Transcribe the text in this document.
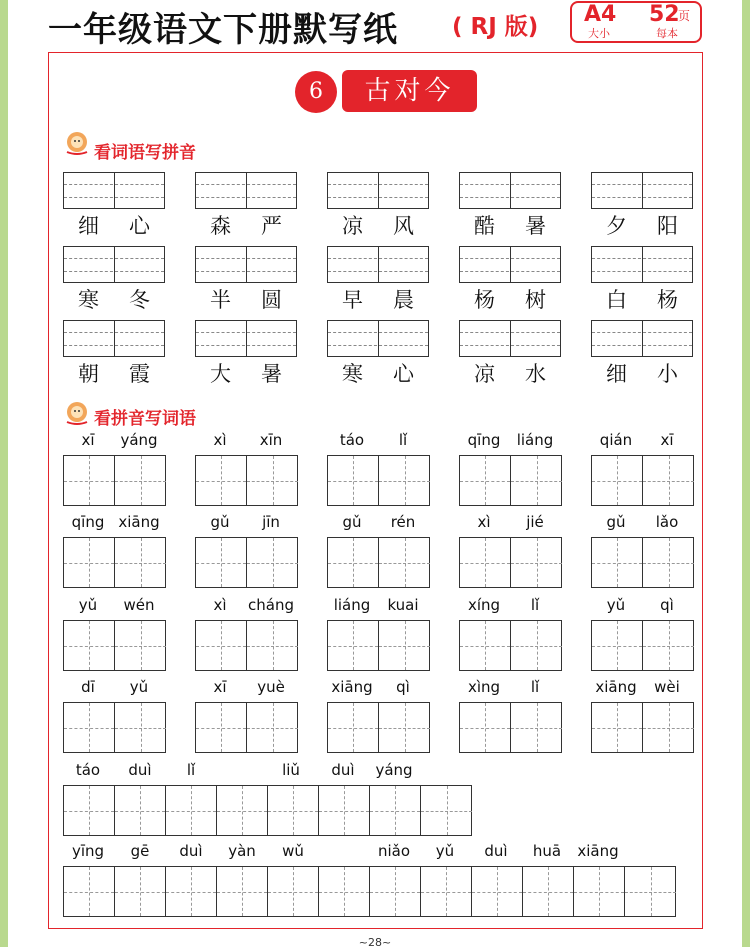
一年级语文下册默写纸 ( RJ 版) A4
大小
52
页
每本
6	古对今
看词语写拼音
看拼音写词语
细	心	森	严	凉	风	酷	暑	夕	阳
寒	冬	半	圆	早	晨	杨	树	白	杨
朝	霞	大	暑	寒	心	凉	水	细	小
xī	yáng	xì	xīn	táo	lǐ	qīng	liáng	qián	xī
qīng xiāng	gǔ	jīn	gǔ	rén	xì	jié	gǔ	lǎo
yǔ	wén	xì	cháng	liáng	kuai	xíng	lǐ	yǔ	qì
dī	yǔ	xī	yuè	xiāng	qì	xìng	lǐ	xiāng	wèi
táo	duì	lǐ	liǔ	duì	yáng
yīng	gē	duì	yàn	wǔ	niǎo	yǔ	duì	huā	xiāng
~28~
